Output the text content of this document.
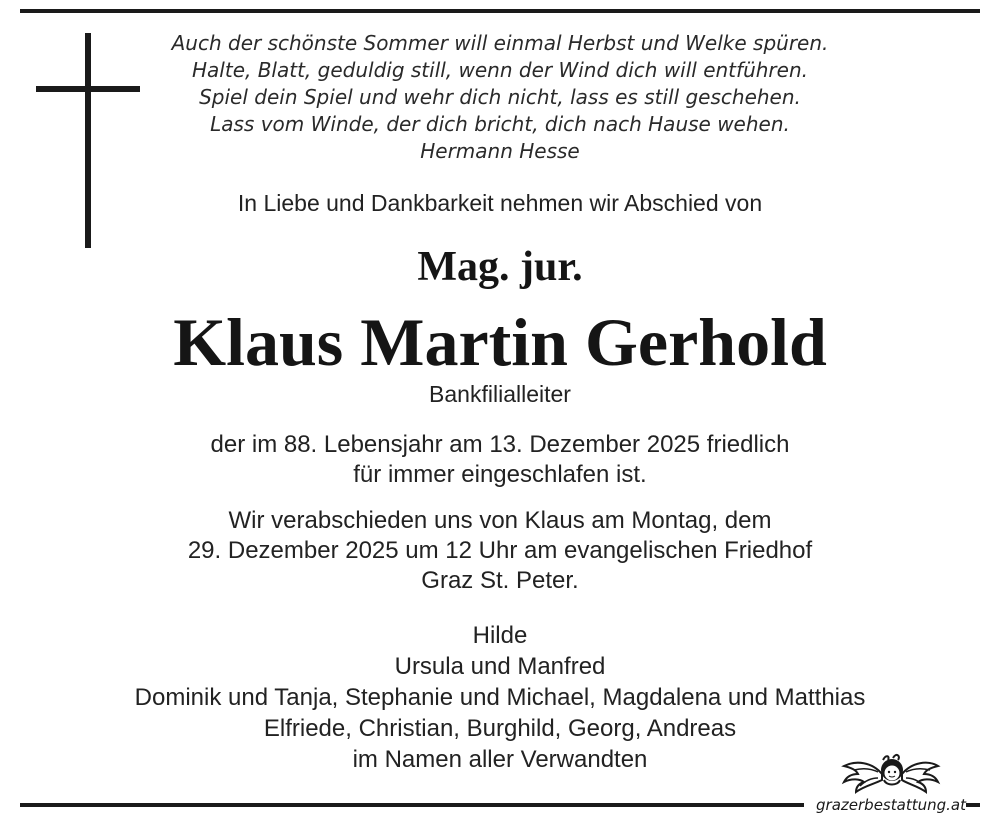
Auch der schönste Sommer will einmal Herbst und Welke spüren.
Halte, Blatt, geduldig still, wenn der Wind dich will entführen.
Spiel dein Spiel und wehr dich nicht, lass es still geschehen.
Lass vom Winde, der dich bricht, dich nach Hause wehen.
Hermann Hesse
In Liebe und Dankbarkeit nehmen wir Abschied von
Mag. jur.
Klaus Martin Gerhold
Bankfilialleiter
der im 88. Lebensjahr am 13. Dezember 2025 friedlich
für immer eingeschlafen ist.
Wir verabschieden uns von Klaus am Montag, dem
29. Dezember 2025 um 12 Uhr am evangelischen Friedhof
Graz St. Peter.
Hilde
Ursula und Manfred
Dominik und Tanja, Stephanie und Michael, Magdalena und Matthias
Elfriede, Christian, Burghild, Georg, Andreas
im Namen aller Verwandten
grazerbestattung.at
